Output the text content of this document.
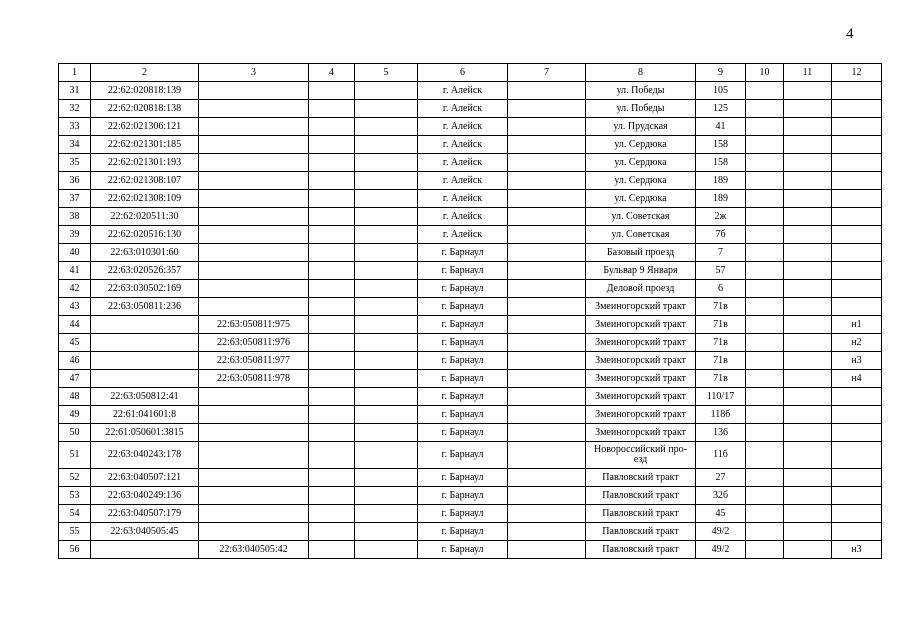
4
1	2	3	4	5	6	7	8	9	10	11	12
31	22:62:020818:139				г. Алейск		ул. Победы	105			
32	22:62:020818:138				г. Алейск		ул. Победы	125			
33	22:62:021306:121				г. Алейск		ул. Прудская	41			
34	22:62:021301:185				г. Алейск		ул. Сердюка	158			
35	22:62:021301:193				г. Алейск		ул. Сердюка	158			
36	22:62:021308:107				г. Алейск		ул. Сердюка	189			
37	22:62:021308:109				г. Алейск		ул. Сердюка	189			
38	22:62:020511:30				г. Алейск		ул. Советская	2ж			
39	22:62:020516:130				г. Алейск		ул. Советская	7б			
40	22:63:010301:60				г. Барнаул		Базовый проезд	7			
41	22:63:020526:357				г. Барнаул		Бульвар 9 Января	57			
42	22:63:030502:169				г. Барнаул		Деловой проезд	6			
43	22:63:050811:236				г. Барнаул		Змеиногорский тракт	71в			
44		22:63:050811:975			г. Барнаул		Змеиногорский тракт	71в			н1
45		22:63:050811:976			г. Барнаул		Змеиногорский тракт	71в			н2
46		22:63:050811:977			г. Барнаул		Змеиногорский тракт	71в			н3
47		22:63:050811:978			г. Барнаул		Змеиногорский тракт	71в			н4
48	22:63:050812:41				г. Барнаул		Змеиногорский тракт	110/17			
49	22:61:041601:8				г. Барнаул		Змеиногорский тракт	118б			
50	22:61:050601:3815				г. Барнаул		Змеиногорский тракт	136			
51	22:63:040243:178				г. Барнаул		Новороссийский про-езд	11б			
52	22:63:040507:121				г. Барнаул		Павловский тракт	27			
53	22:63:040249:136				г. Барнаул		Павловский тракт	32б			
54	22:63:040507:179				г. Барнаул		Павловский тракт	45			
55	22:63:040505:45				г. Барнаул		Павловский тракт	49/2			
56		22:63:040505:42			г. Барнаул		Павловский тракт	49/2			н3
